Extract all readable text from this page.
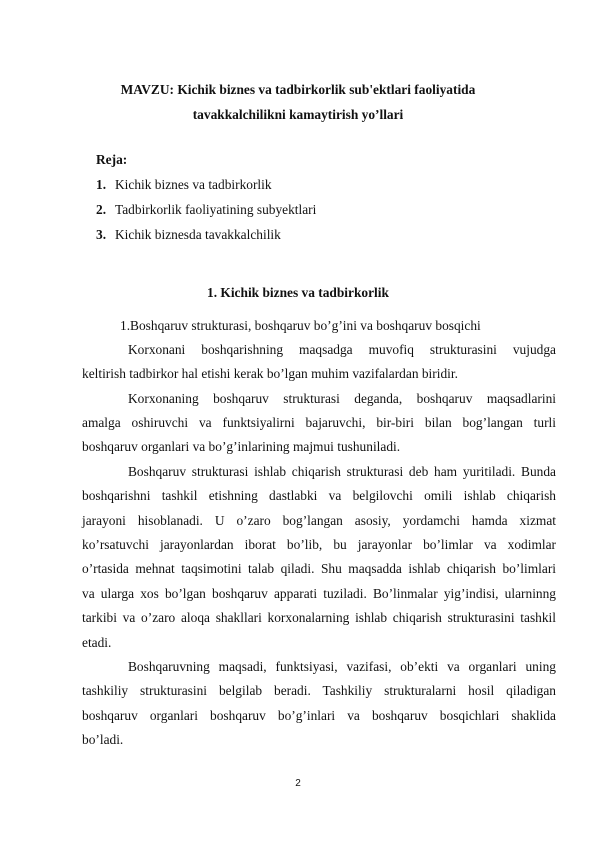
MAVZU: Kichik biznes va tadbirkorlik sub'ektlari faoliyatida
tavakkalchilikni kamaytirish yo’llari
Reja:
1. Kichik biznes va tadbirkorlik
2. Tadbirkorlik faoliyatining subyektlari
3. Kichik biznesda tavakkalchilik
1. Kichik biznes va tadbirkorlik
1.Boshqaruv strukturasi, boshqaruv bo’g’ini va boshqaruv bosqichi
Korxonani boshqarishning maqsadga muvofiq strukturasini vujudga
keltirish tadbirkor hal etishi kerak bo’lgan muhim vazifalardan biridir.
Korxonaning boshqaruv strukturasi deganda, boshqaruv maqsadlarini
amalga oshiruvchi va funktsiyalirni bajaruvchi, bir-biri bilan bog’langan turli
boshqaruv organlari va bo’g’inlarining majmui tushuniladi.
Boshqaruv strukturasi ishlab chiqarish strukturasi deb ham yuritiladi. Bunda
boshqarishni tashkil etishning dastlabki va belgilovchi omili ishlab chiqarish
jarayoni hisoblanadi. U o’zaro bog’langan asosiy, yordamchi hamda xizmat
ko’rsatuvchi jarayonlardan iborat bo’lib, bu jarayonlar bo’limlar va xodimlar
o’rtasida mehnat taqsimotini talab qiladi. Shu maqsadda ishlab chiqarish bo’limlari
va ularga xos bo’lgan boshqaruv apparati tuziladi. Bo’linmalar yig’indisi, ularninng
tarkibi va o’zaro aloqa shakllari korxonalarning ishlab chiqarish strukturasini tashkil
etadi.
Boshqaruvning maqsadi, funktsiyasi, vazifasi, ob’ekti va organlari uning
tashkiliy strukturasini belgilab beradi. Tashkiliy strukturalarni hosil qiladigan
boshqaruv organlari boshqaruv bo’g’inlari va boshqaruv bosqichlari shaklida
bo’ladi.
2
